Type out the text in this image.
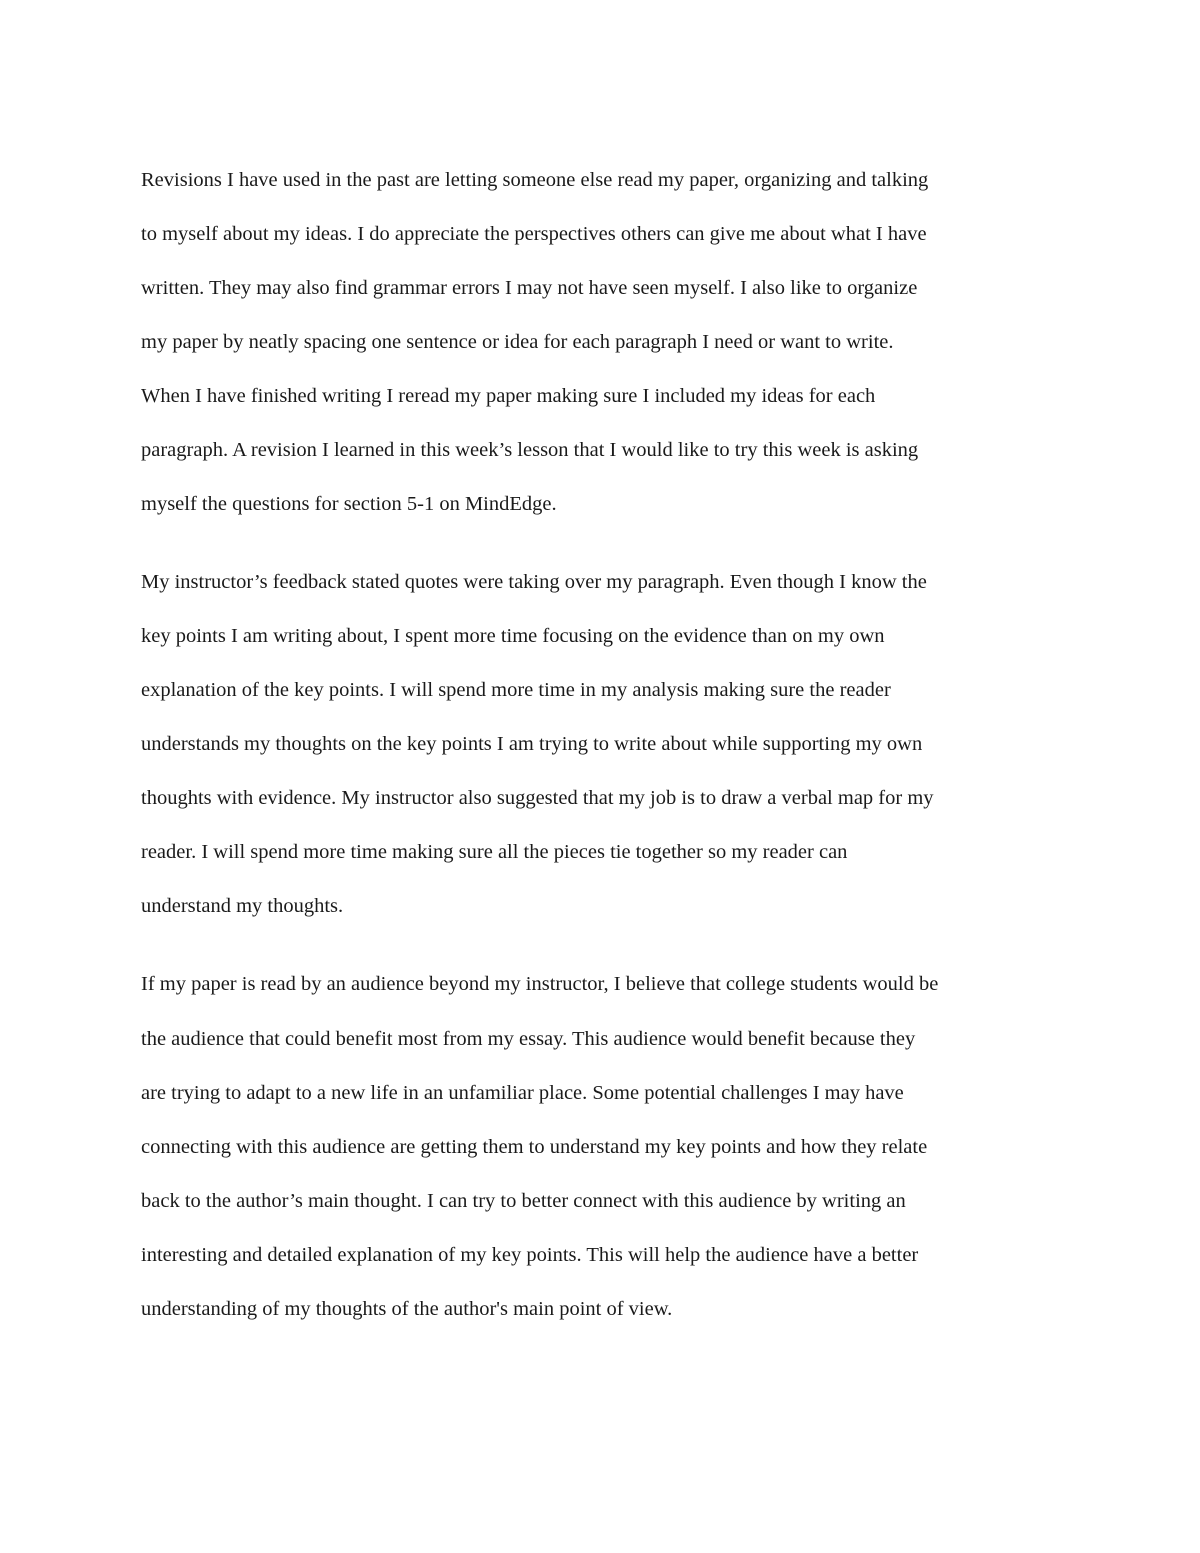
Revisions I have used in the past are letting someone else read my paper, organizing and talking
to myself about my ideas. I do appreciate the perspectives others can give me about what I have
written. They may also find grammar errors I may not have seen myself. I also like to organize
my paper by neatly spacing one sentence or idea for each paragraph I need or want to write.
When I have finished writing I reread my paper making sure I included my ideas for each
paragraph. A revision I learned in this week’s lesson that I would like to try this week is asking
myself the questions for section 5-1 on MindEdge.
My instructor’s feedback stated quotes were taking over my paragraph. Even though I know the
key points I am writing about, I spent more time focusing on the evidence than on my own
explanation of the key points. I will spend more time in my analysis making sure the reader
understands my thoughts on the key points I am trying to write about while supporting my own
thoughts with evidence. My instructor also suggested that my job is to draw a verbal map for my
reader. I will spend more time making sure all the pieces tie together so my reader can
understand my thoughts.
If my paper is read by an audience beyond my instructor, I believe that college students would be
the audience that could benefit most from my essay. This audience would benefit because they
are trying to adapt to a new life in an unfamiliar place. Some potential challenges I may have
connecting with this audience are getting them to understand my key points and how they relate
back to the author’s main thought. I can try to better connect with this audience by writing an
interesting and detailed explanation of my key points. This will help the audience have a better
understanding of my thoughts of the author's main point of view.
